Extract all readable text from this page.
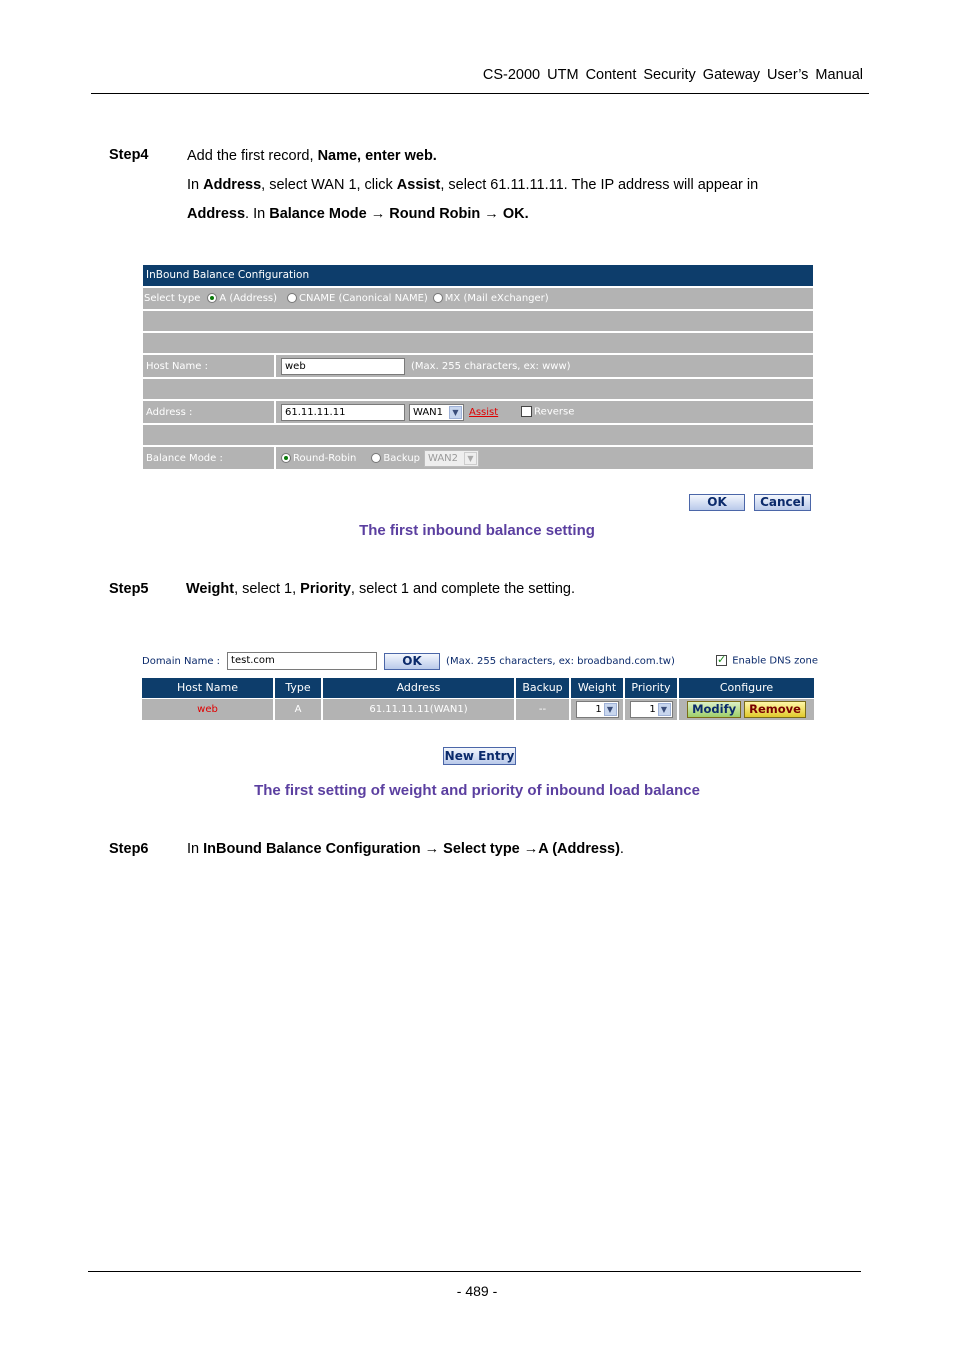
CS-2000 UTM Content Security Gateway User’s Manual
Step4	Add the first record, Name, enter web.
In Address, select WAN 1, click Assist, select 61.11.11.11. The IP address will appear in
Address. In Balance Mode → Round Robin → OK.
InBound Balance Configuration
Select type	A (Address)	CNAME (Canonical NAME)	MX (Mail eXchanger)
Host Name :	web	(Max. 255 characters, ex: www)
Address :	61.11.11.11	WAN1	▼	Assist	Reverse
Balance Mode :	Round-Robin	Backup WAN2	▼
OK	Cancel
The first inbound balance setting
Step5	Weight, select 1, Priority, select 1 and complete the setting.
Domain Name :	test.com	OK	(Max. 255 characters, ex: broadband.com.tw)
✓	Enable DNS zone
Host Name	Type	Address	Backup	Weight	Priority	Configure
web	A	61.11.11.11(WAN1)	--	1 ▼	1 ▼	Modify	Remove
New Entry
The first setting of weight and priority of inbound load balance
Step6	In InBound Balance Configuration → Select type →A (Address).
- 489 -
